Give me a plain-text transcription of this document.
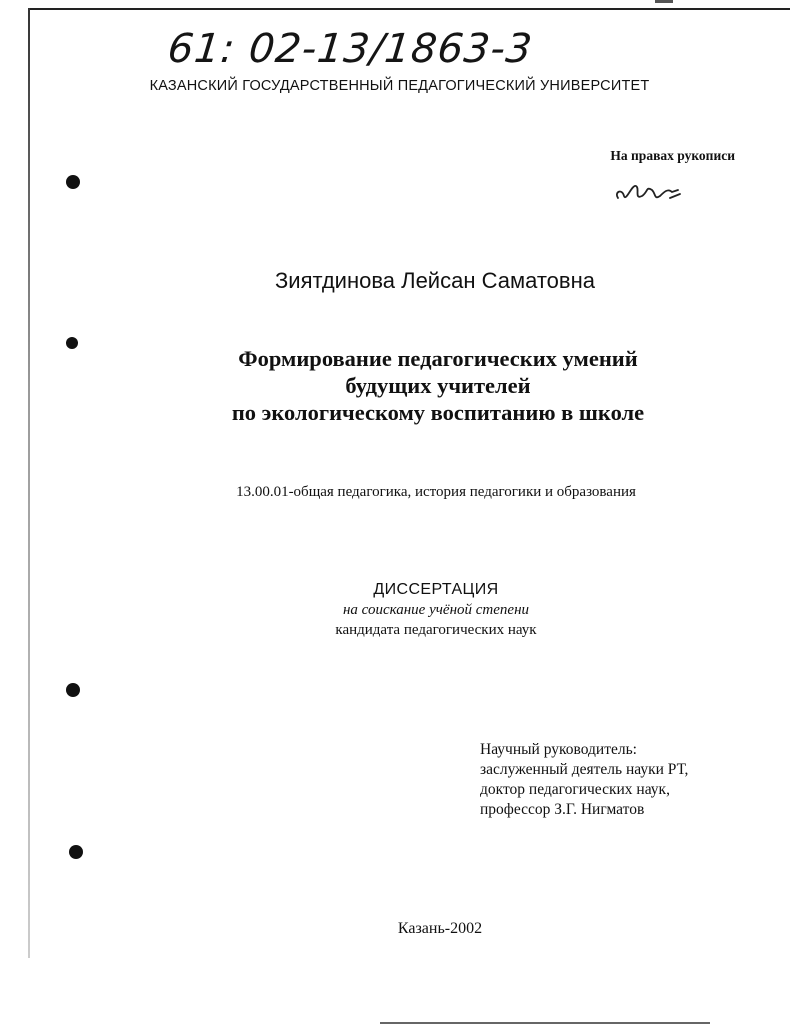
61: 02-13/1863-3
КАЗАНСКИЙ ГОСУДАРСТВЕННЫЙ ПЕДАГОГИЧЕСКИЙ УНИВЕРСИТЕТ
На правах рукописи
Зиятдинова Лейсан Саматовна
Формирование педагогических умений
будущих учителей
по экологическому воспитанию в школе
13.00.01-общая педагогика, история педагогики и образования
ДИССЕРТАЦИЯ
на соискание учёной степени
кандидата педагогических наук
Научный руководитель:
заслуженный деятель науки РТ,
доктор педагогических наук,
профессор З.Г. Нигматов
Казань-2002
